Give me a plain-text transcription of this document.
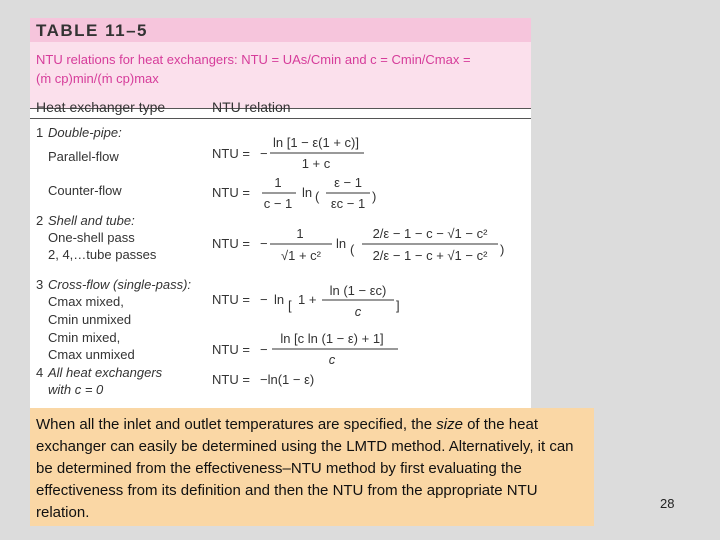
TABLE 11–5
NTU relations for heat exchangers: NTU = UAs/Cmin and c = Cmin/Cmax =
(ṁ cp)min/(ṁ cp)max
Heat exchanger type	NTU relation
1 Double-pipe:
Parallel-flow
Counter-flow
2 Shell and tube:
One-shell pass
2, 4,…tube passes
3 Cross-flow (single-pass):
Cmax mixed,
Cmin unmixed
Cmin mixed,
Cmax unmixed
4 All heat exchangers
with c = 0
NTU = −
ln [1 − ε(1 + c)]
1 + c
NTU =
1
c − 1
ln (
ε − 1
εc − 1 )
NTU = −
1
√1 + c²
ln (
2/ε − 1 − c − √1 − c²
2/ε − 1 − c + √1 − c² )
NTU = − ln [ 1 +
ln (1 − εc)
c	]
NTU = −
ln [c ln (1 − ε) + 1]
c
NTU = −ln(1 − ε)
When all the inlet and outlet temperatures are specified, the size of the heat exchanger can easily be determined using the LMTD method. Alternatively, it can be determined from the effectiveness–NTU method by first evaluating the effectiveness from its definition and then the NTU from the appropriate NTU relation.
28
